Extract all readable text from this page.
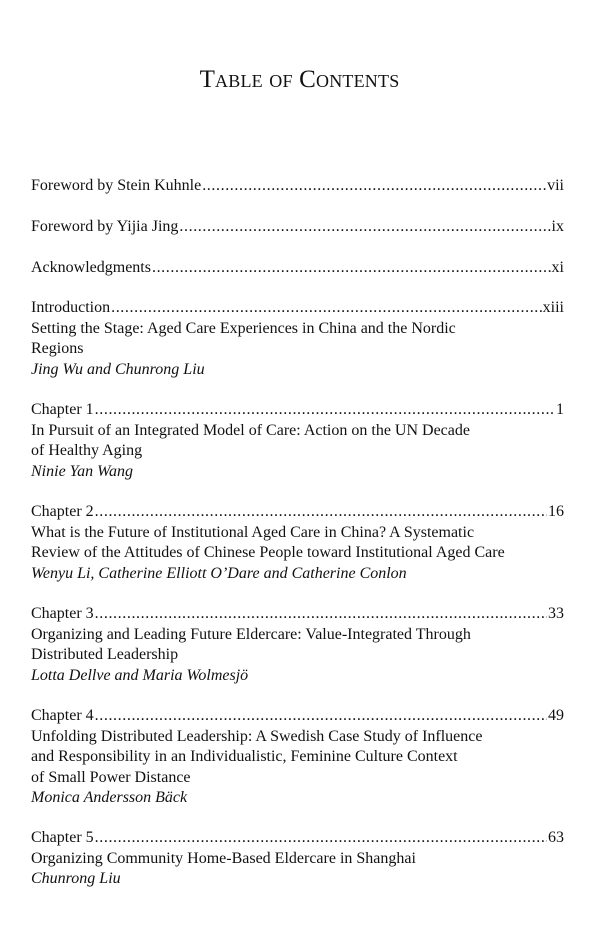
Table of Contents
Foreword by Stein Kuhnle .....	vii
Foreword by Yijia Jing .....	ix
Acknowledgments .....	xi
Introduction .....	xiii
Setting the Stage: Aged Care Experiences in China and the Nordic
Regions
Jing Wu and Chunrong Liu
Chapter 1 .....	1
In Pursuit of an Integrated Model of Care: Action on the UN Decade
of Healthy Aging
Ninie Yan Wang
Chapter 2 .....	16
What is the Future of Institutional Aged Care in China? A Systematic
Review of the Attitudes of Chinese People toward Institutional Aged Care
Wenyu Li, Catherine Elliott O’Dare and Catherine Conlon
Chapter 3 .....	33
Organizing and Leading Future Eldercare: Value-Integrated Through
Distributed Leadership
Lotta Dellve and Maria Wolmesjö
Chapter 4 .....	49
Unfolding Distributed Leadership: A Swedish Case Study of Influence
and Responsibility in an Individualistic, Feminine Culture Context
of Small Power Distance
Monica Andersson Bäck
Chapter 5 .....	63
Organizing Community Home-Based Eldercare in Shanghai
Chunrong Liu
